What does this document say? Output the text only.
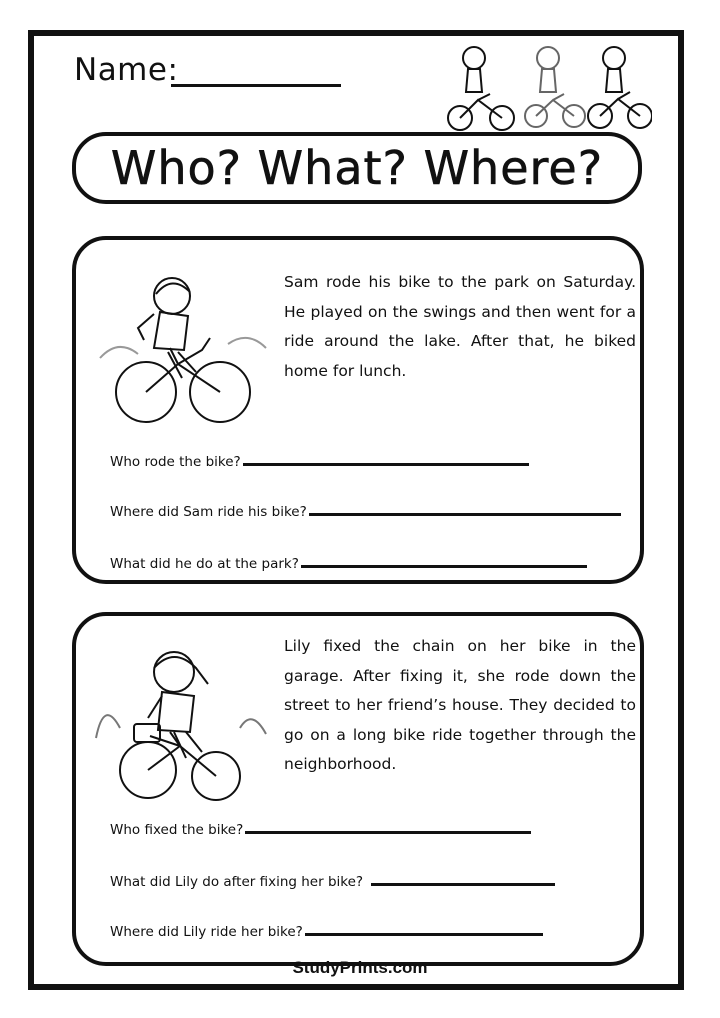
Name:
Who? What? Where?
Sam rode his bike to the park on Saturday. He played on the swings and then went for a ride around the lake. After that, he biked home for lunch.
Who rode the bike?
Where did Sam ride his bike?
What did he do at the park?
Lily fixed the chain on her bike in the garage. After fixing it, she rode down the street to her friend’s house. They decided to go on a long bike ride together through the neighborhood.
Who fixed the bike?
What did Lily do after fixing her bike?
Where did Lily ride her bike?
StudyPrints.com
